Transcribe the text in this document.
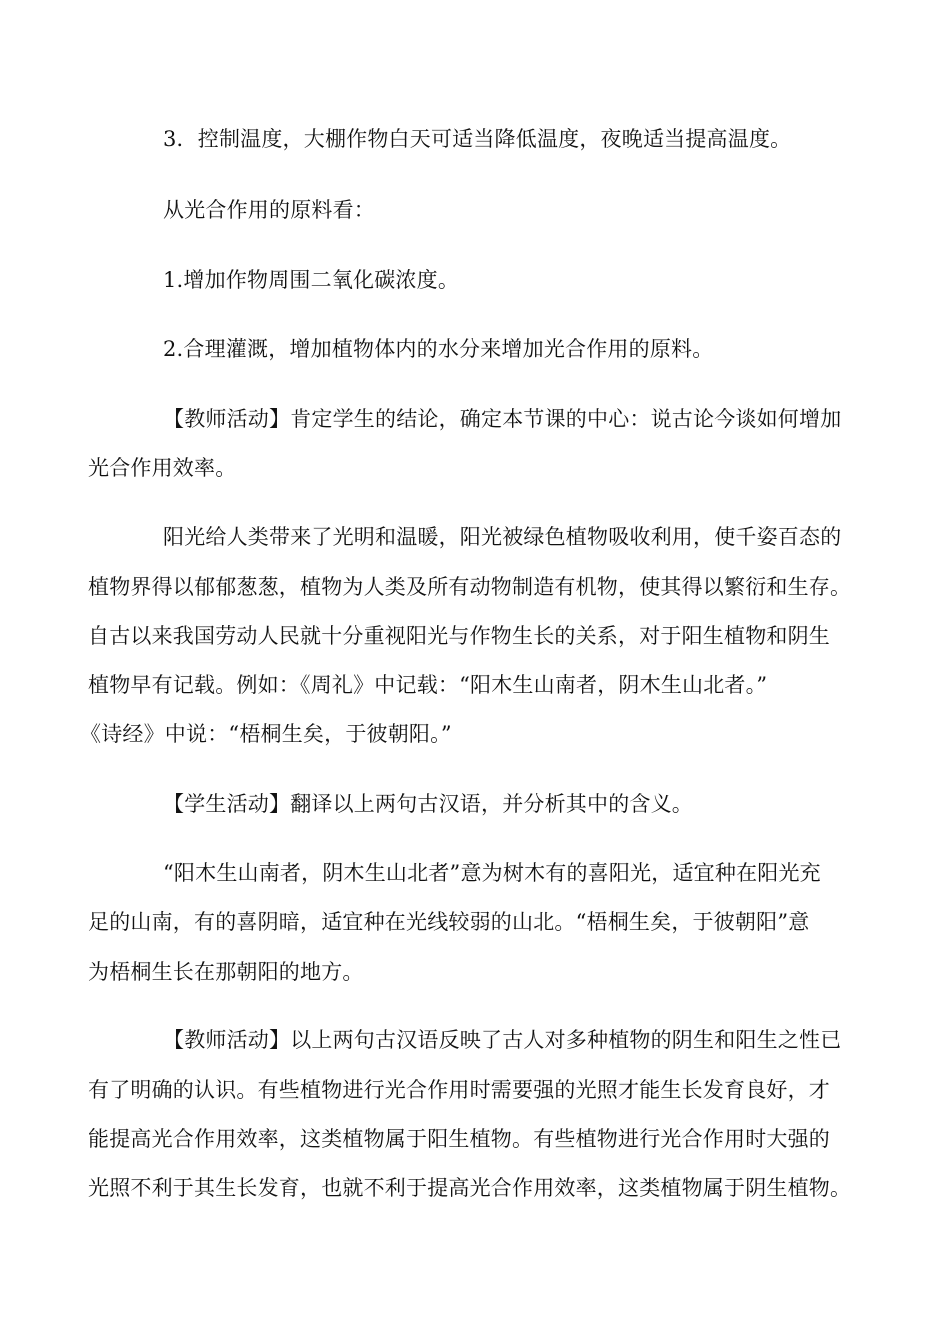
3．控制温度，大棚作物白天可适当降低温度，夜晚适当提高温度。
从光合作用的原料看：
1.增加作物周围二氧化碳浓度。
2.合理灌溉，增加植物体内的水分来增加光合作用的原料。
【教师活动】肯定学生的结论，确定本节课的中心：说古论今谈如何增加
光合作用效率。
阳光给人类带来了光明和温暖，阳光被绿色植物吸收利用，使千姿百态的
植物界得以郁郁葱葱，植物为人类及所有动物制造有机物，使其得以繁衍和生存。
自古以来我国劳动人民就十分重视阳光与作物生长的关系，对于阳生植物和阴生
植物早有记载。例如：《周礼》中记载：“阳木生山南者，阴木生山北者。”
《诗经》中说：“梧桐生矣，于彼朝阳。”
【学生活动】翻译以上两句古汉语，并分析其中的含义。
“阳木生山南者，阴木生山北者”意为树木有的喜阳光，适宜种在阳光充
足的山南，有的喜阴暗，适宜种在光线较弱的山北。“梧桐生矣，于彼朝阳”意
为梧桐生长在那朝阳的地方。
【教师活动】以上两句古汉语反映了古人对多种植物的阴生和阳生之性已
有了明确的认识。有些植物进行光合作用时需要强的光照才能生长发育良好，才
能提高光合作用效率，这类植物属于阳生植物。有些植物进行光合作用时大强的
光照不利于其生长发育，也就不利于提高光合作用效率，这类植物属于阴生植物。
